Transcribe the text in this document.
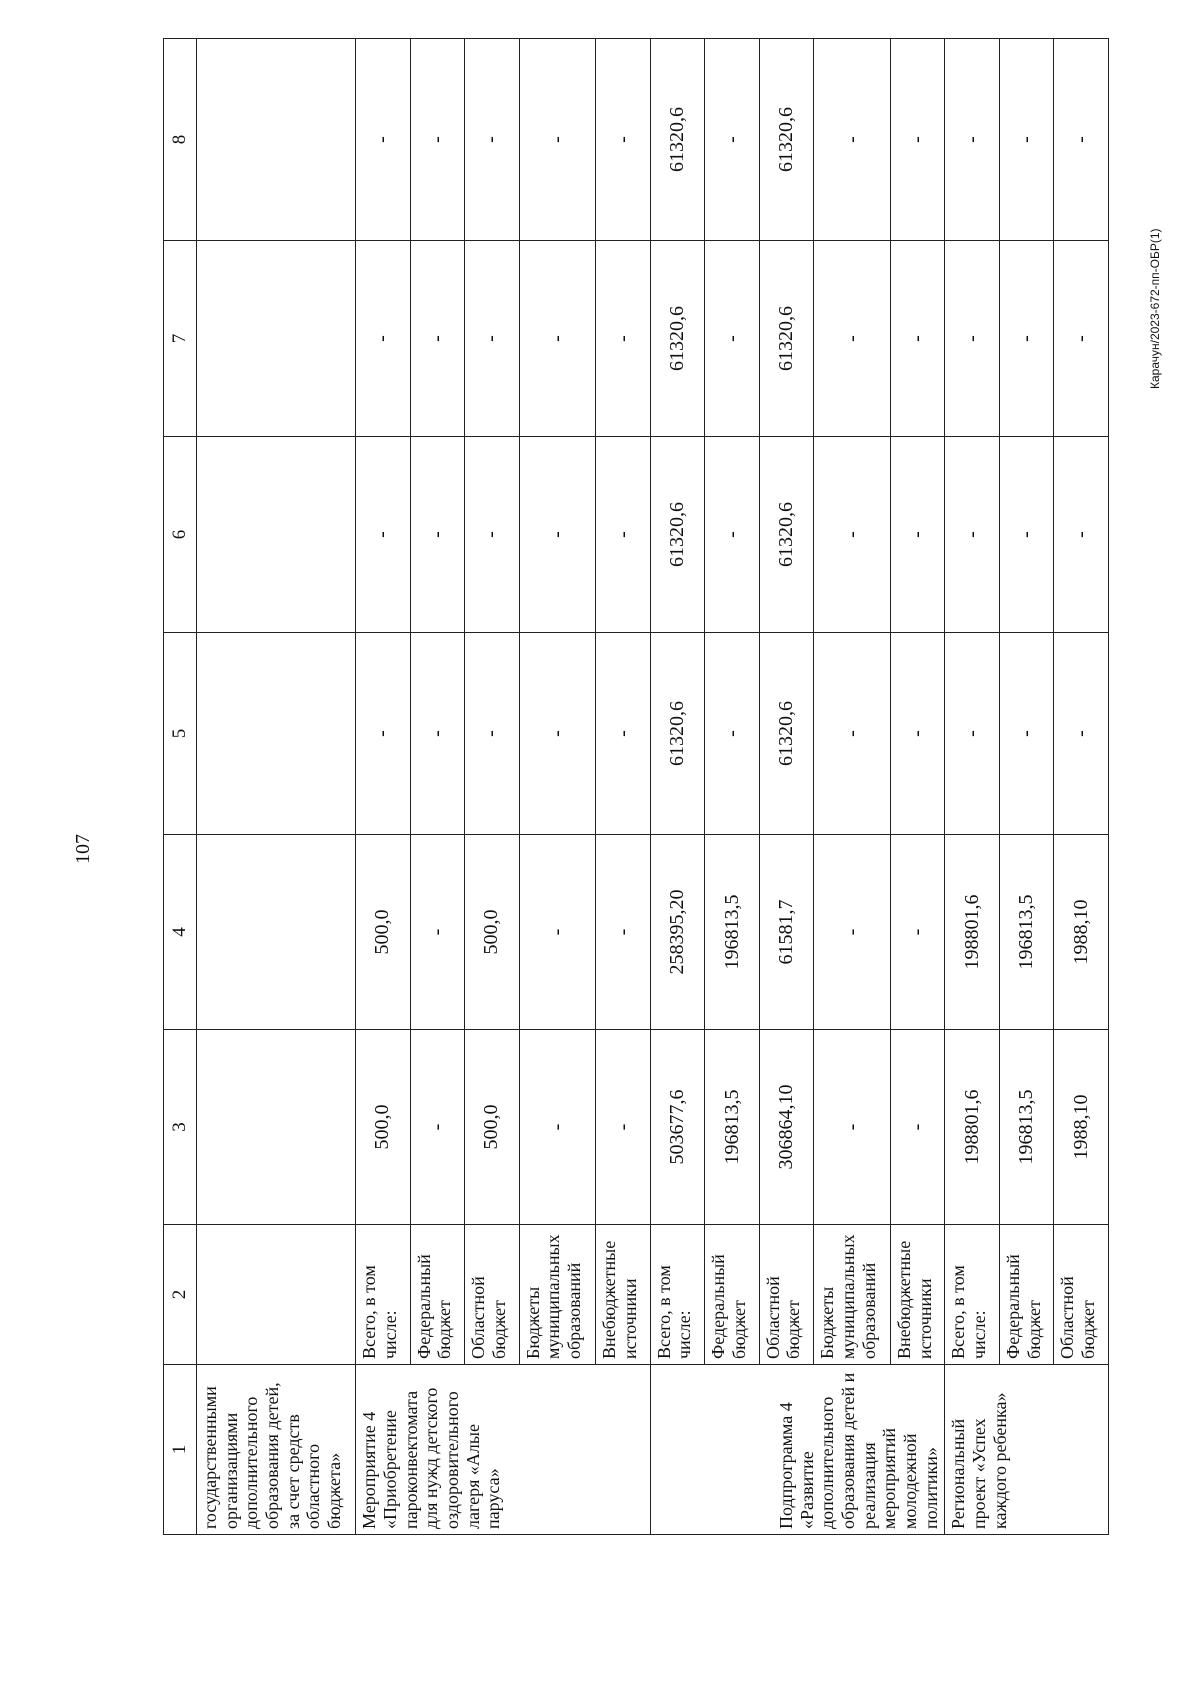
107
1	2	3	4	5	6	7	8
государственными организациями дополнительного образования детей, за счет средств областного бюджета»							
Мероприятие 4 «Приобретение пароконвектомата для нужд детского оздоровительного лагеря «Алые паруса»	Всего, в том числе:	500,0	500,0	-	-	-	-
	Федеральный бюджет	-	-	-	-	-	-
	Областной бюджет	500,0	500,0	-	-	-	-
	Бюджеты муниципальных образований	-	-	-	-	-	-
	Внебюджетные источники	-	-	-	-	-	-
Подпрограмма 4 «Развитие дополнительного образования детей и реализация мероприятий молодежной политики»	Всего, в том числе:	503677,6	258395,20	61320,6	61320,6	61320,6	61320,6
	Федеральный бюджет	196813,5	196813,5	-	-	-	-
	Областной бюджет	306864,10	61581,7	61320,6	61320,6	61320,6	61320,6
	Бюджеты муниципальных образований	-	-	-	-	-	-
	Внебюджетные источники	-	-	-	-	-	-
Региональный проект «Успех каждого ребенка»	Всего, в том числе:	198801,6	198801,6	-	-	-	-
	Федеральный бюджет	196813,5	196813,5	-	-	-	-
	Областной бюджет	1988,10	1988,10	-	-	-	-
Карачун/2023-672-пп-ОБР(1)
